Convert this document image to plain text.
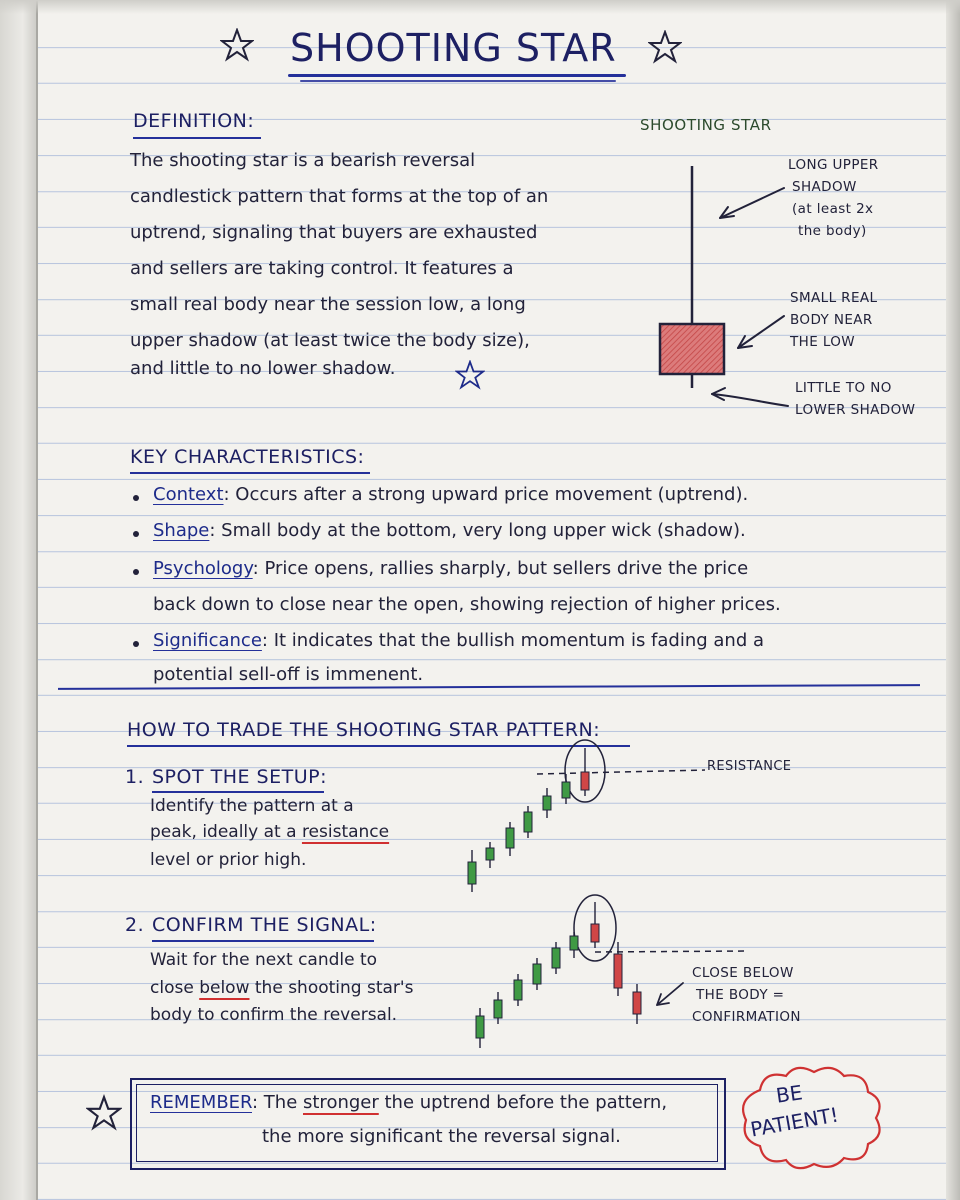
SHOOTING STAR
DEFINITION:
The shooting star is a bearish reversal
candlestick pattern that forms at the top of an
uptrend, signaling that buyers are exhausted
and sellers are taking control. It features a
small real body near the session low, a long
upper shadow (at least twice the body size),
and little to no lower shadow.
SHOOTING STAR
LONG UPPER
SHADOW
(at least 2x
the body)
SMALL REAL
BODY NEAR
THE LOW
LITTLE TO NO
LOWER SHADOW
KEY CHARACTERISTICS:
Context: Occurs after a strong upward price movement (uptrend).
Shape: Small body at the bottom, very long upper wick (shadow).
Psychology: Price opens, rallies sharply, but sellers drive the price
back down to close near the open, showing rejection of higher prices.
Significance: It indicates that the bullish momentum is fading and a
potential sell-off is immenent.
HOW TO TRADE THE SHOOTING STAR PATTERN:
1. SPOT THE SETUP:
Identify the pattern at a
peak, ideally at a resistance
level or prior high.
RESISTANCE
2. CONFIRM THE SIGNAL:
Wait for the next candle to
close below the shooting star's
body to confirm the reversal.
CLOSE BELOW
THE BODY =
CONFIRMATION
REMEMBER: The stronger the uptrend before the pattern,
the more significant the reversal signal.
BE
PATIENT!
